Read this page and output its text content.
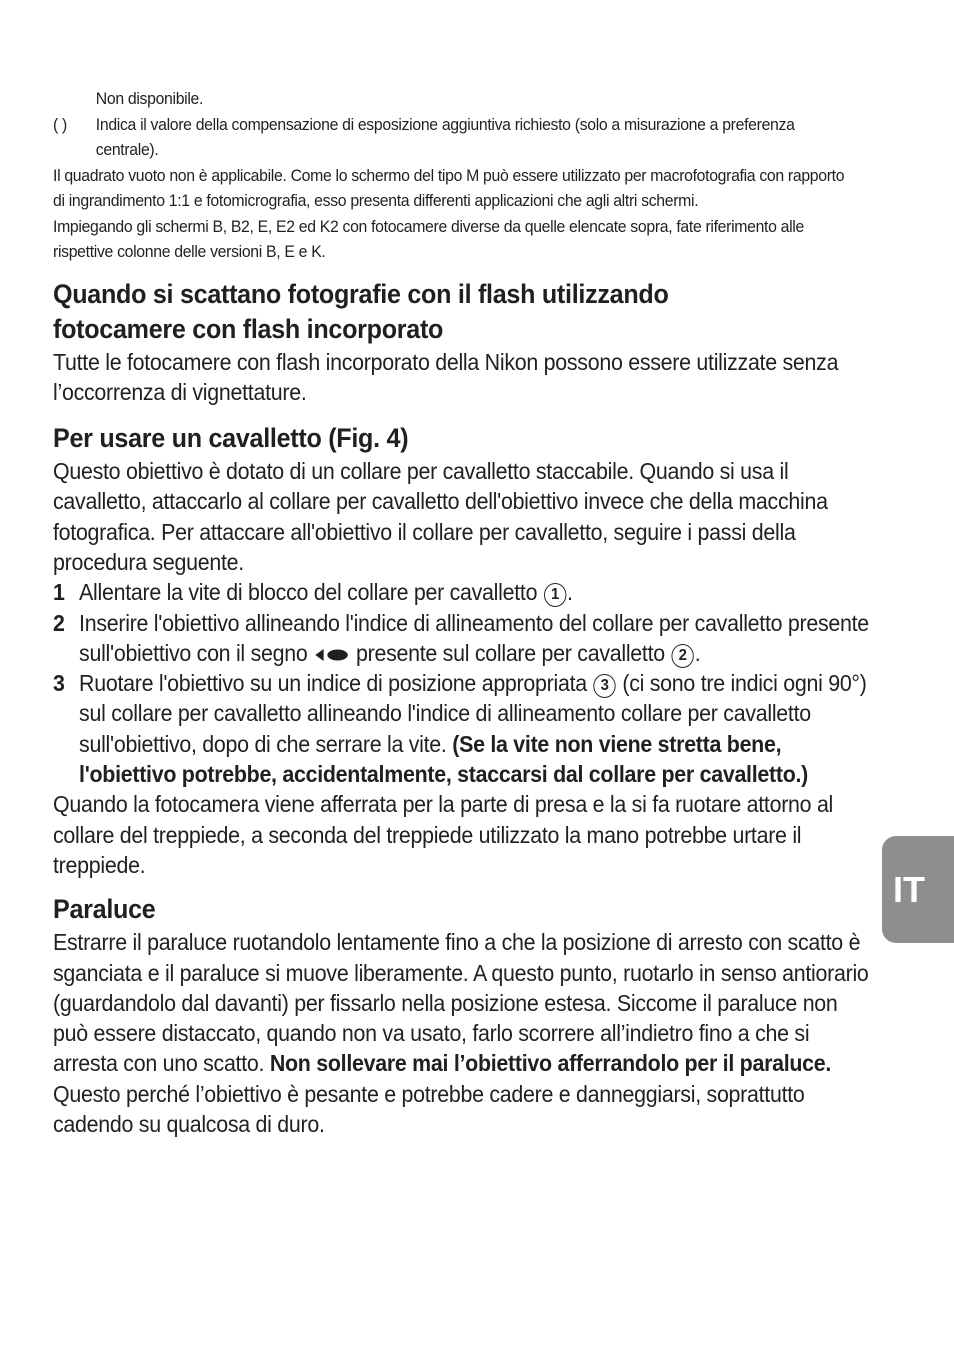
Non disponibile.

( ) Indica il valore della compensazione di esposizione aggiuntiva richiesto (solo a misurazione a preferenza centrale).

Il quadrato vuoto non è applicabile. Come lo schermo del tipo M può essere utilizzato per macrofotografia con rapporto di ingrandimento 1:1 e fotomicrografia, esso presenta differenti applicazioni che agli altri schermi.

Impiegando gli schermi B, B2, E, E2 ed K2 con fotocamere diverse da quelle elencate sopra, fate riferimento alle rispettive colonne delle versioni B, E e K.

Quando si scattano fotografie con il flash utilizzando
fotocamere con flash incorporato

Tutte le fotocamere con flash incorporato della Nikon possono essere utilizzate senza l’occorrenza di vignettature.

Per usare un cavalletto (Fig. 4)

Questo obiettivo è dotato di un collare per cavalletto staccabile. Quando si usa il cavalletto, attaccarlo al collare per cavalletto dell'obiettivo invece che della macchina fotografica. Per attaccare all'obiettivo il collare per cavalletto, seguire i passi della procedura seguente.

1 Allentare la vite di blocco del collare per cavalletto 1 .
2 Inserire l'obiettivo allineando l'indice di allineamento del collare per cavalletto presente sull'obiettivo con il segno presente sul collare per cavalletto 2 .
3 Ruotare l'obiettivo su un indice di posizione appropriata 3 (ci sono tre indici ogni 90°) sul collare per cavalletto allineando l'indice di allineamento collare per cavalletto sull'obiettivo, dopo di che serrare la vite. (Se la vite non viene stretta bene, l'obiettivo potrebbe, accidentalmente, staccarsi dal collare per cavalletto.)

Quando la fotocamera viene afferrata per la parte di presa e la si fa ruotare attorno al collare del treppiede, a seconda del treppiede utilizzato la mano potrebbe urtare il treppiede.

Paraluce

Estrarre il paraluce ruotandolo lentamente fino a che la posizione di arresto con scatto è sganciata e il paraluce si muove liberamente. A questo punto, ruotarlo in senso antiorario (guardandolo dal davanti) per fissarlo nella posizione estesa. Siccome il paraluce non può essere distaccato, quando non va usato, farlo scorrere all’indietro fino a che si arresta con uno scatto. Non sollevare mai l’obiettivo afferrandolo per il paraluce. Questo perché l’obiettivo è pesante e potrebbe cadere e danneggiarsi, soprattutto cadendo su qualcosa di duro.

IT
